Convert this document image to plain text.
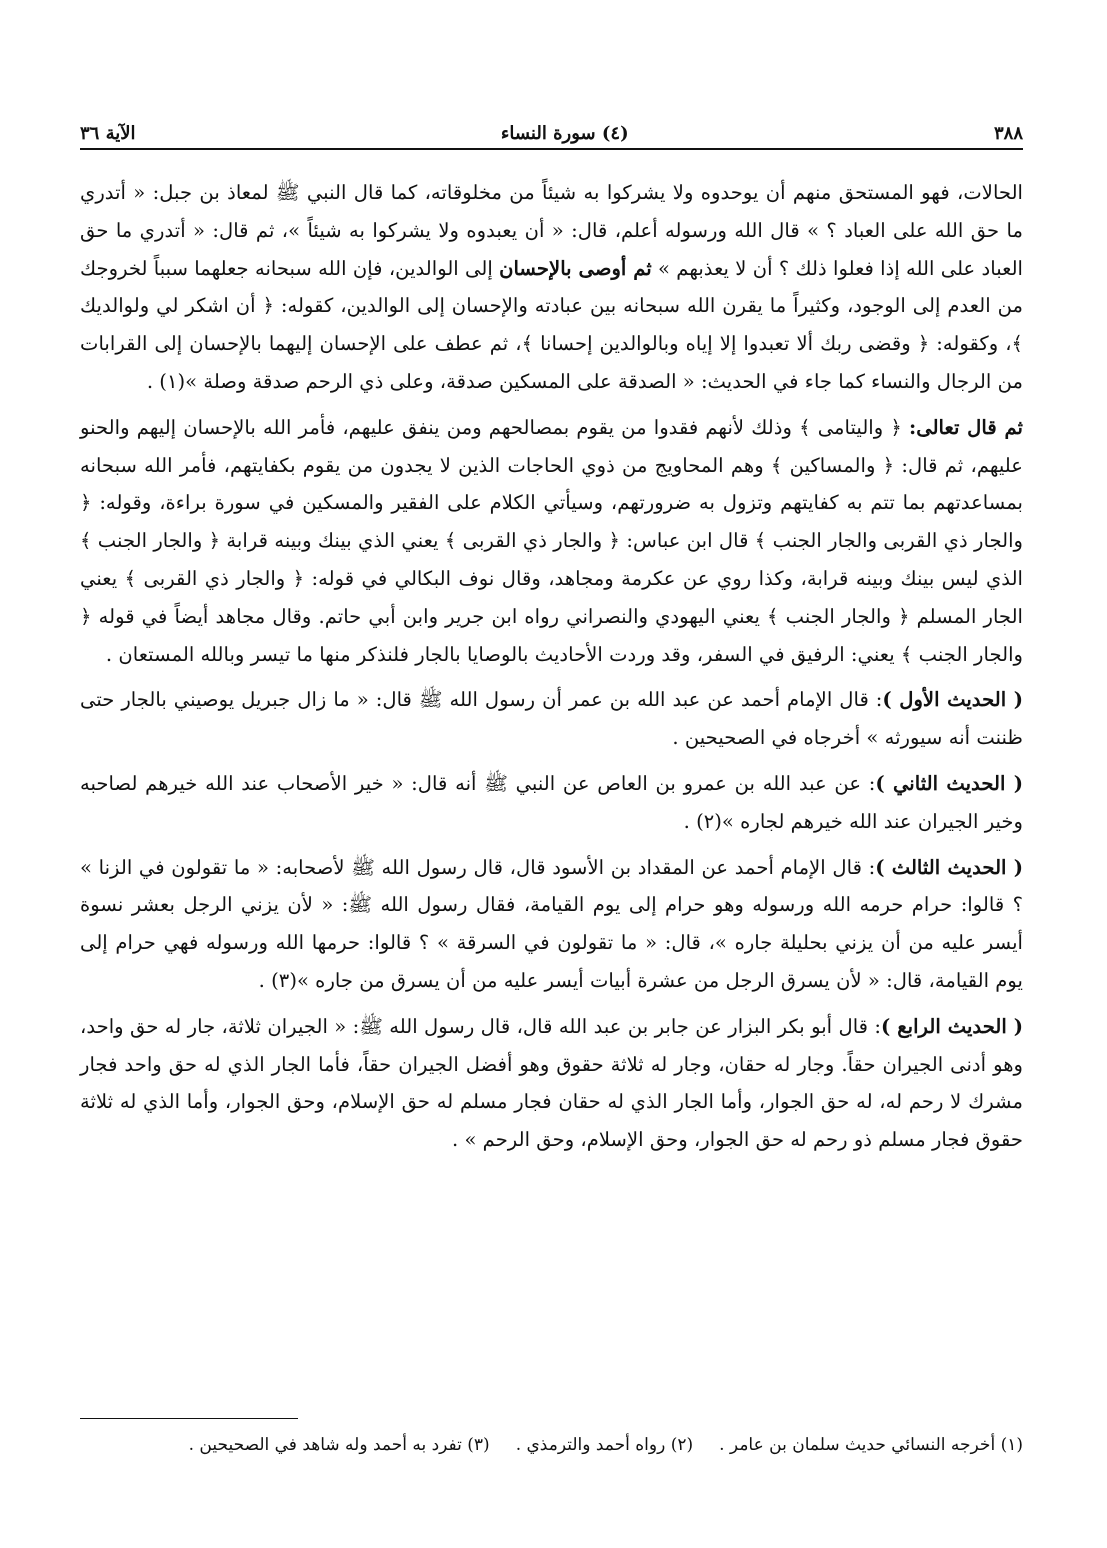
٣٨٨
(٤) سورة النساء
الآية ٣٦

الحالات، فهو المستحق منهم أن يوحدوه ولا يشركوا به شيئاً من مخلوقاته، كما قال النبي ﷺ لمعاذ بن جبل: « أتدري ما حق الله على العباد ؟ » قال الله ورسوله أعلم، قال: « أن يعبدوه ولا يشركوا به شيئاً »، ثم قال: « أتدري ما حق العباد على الله إذا فعلوا ذلك ؟ أن لا يعذبهم » ثم أوصى بالإحسان إلى الوالدين، فإن الله سبحانه جعلهما سبباً لخروجك من العدم إلى الوجود، وكثيراً ما يقرن الله سبحانه بين عبادته والإحسان إلى الوالدين، كقوله: ﴿ أن اشكر لي ولوالديك ﴾، وكقوله: ﴿ وقضى ربك ألا تعبدوا إلا إياه وبالوالدين إحسانا ﴾، ثم عطف على الإحسان إليهما بالإحسان إلى القرابات من الرجال والنساء كما جاء في الحديث: « الصدقة على المسكين صدقة، وعلى ذي الرحم صدقة وصلة »(١) .

ثم قال تعالى: ﴿ واليتامى ﴾ وذلك لأنهم فقدوا من يقوم بمصالحهم ومن ينفق عليهم، فأمر الله بالإحسان إليهم والحنو عليهم، ثم قال: ﴿ والمساكين ﴾ وهم المحاويج من ذوي الحاجات الذين لا يجدون من يقوم بكفايتهم، فأمر الله سبحانه بمساعدتهم بما تتم به كفايتهم وتزول به ضرورتهم، وسيأتي الكلام على الفقير والمسكين في سورة براءة، وقوله: ﴿ والجار ذي القربى والجار الجنب ﴾ قال ابن عباس: ﴿ والجار ذي القربى ﴾ يعني الذي بينك وبينه قرابة ﴿ والجار الجنب ﴾ الذي ليس بينك وبينه قرابة، وكذا روي عن عكرمة ومجاهد، وقال نوف البكالي في قوله: ﴿ والجار ذي القربى ﴾ يعني الجار المسلم ﴿ والجار الجنب ﴾ يعني اليهودي والنصراني رواه ابن جرير وابن أبي حاتم. وقال مجاهد أيضاً في قوله ﴿ والجار الجنب ﴾ يعني: الرفيق في السفر، وقد وردت الأحاديث بالوصايا بالجار فلنذكر منها ما تيسر وبالله المستعان .

( الحديث الأول ): قال الإمام أحمد عن عبد الله بن عمر أن رسول الله ﷺ قال: « ما زال جبريل يوصيني بالجار حتى ظننت أنه سيورثه » أخرجاه في الصحيحين .

( الحديث الثاني ): عن عبد الله بن عمرو بن العاص عن النبي ﷺ أنه قال: « خير الأصحاب عند الله خيرهم لصاحبه وخير الجيران عند الله خيرهم لجاره »(٢) .

( الحديث الثالث ): قال الإمام أحمد عن المقداد بن الأسود قال، قال رسول الله ﷺ لأصحابه: « ما تقولون في الزنا » ؟ قالوا: حرام حرمه الله ورسوله وهو حرام إلى يوم القيامة، فقال رسول الله ﷺ: « لأن يزني الرجل بعشر نسوة أيسر عليه من أن يزني بحليلة جاره »، قال: « ما تقولون في السرقة » ؟ قالوا: حرمها الله ورسوله فهي حرام إلى يوم القيامة، قال: « لأن يسرق الرجل من عشرة أبيات أيسر عليه من أن يسرق من جاره »(٣) .

( الحديث الرابع ): قال أبو بكر البزار عن جابر بن عبد الله قال، قال رسول الله ﷺ: « الجيران ثلاثة، جار له حق واحد، وهو أدنى الجيران حقاً. وجار له حقان، وجار له ثلاثة حقوق وهو أفضل الجيران حقاً، فأما الجار الذي له حق واحد فجار مشرك لا رحم له، له حق الجوار، وأما الجار الذي له حقان فجار مسلم له حق الإسلام، وحق الجوار، وأما الذي له ثلاثة حقوق فجار مسلم ذو رحم له حق الجوار، وحق الإسلام، وحق الرحم » .

(١) أخرجه النسائي حديث سلمان بن عامر .(٢) رواه أحمد والترمذي .(٣) تفرد به أحمد وله شاهد في الصحيحين .
